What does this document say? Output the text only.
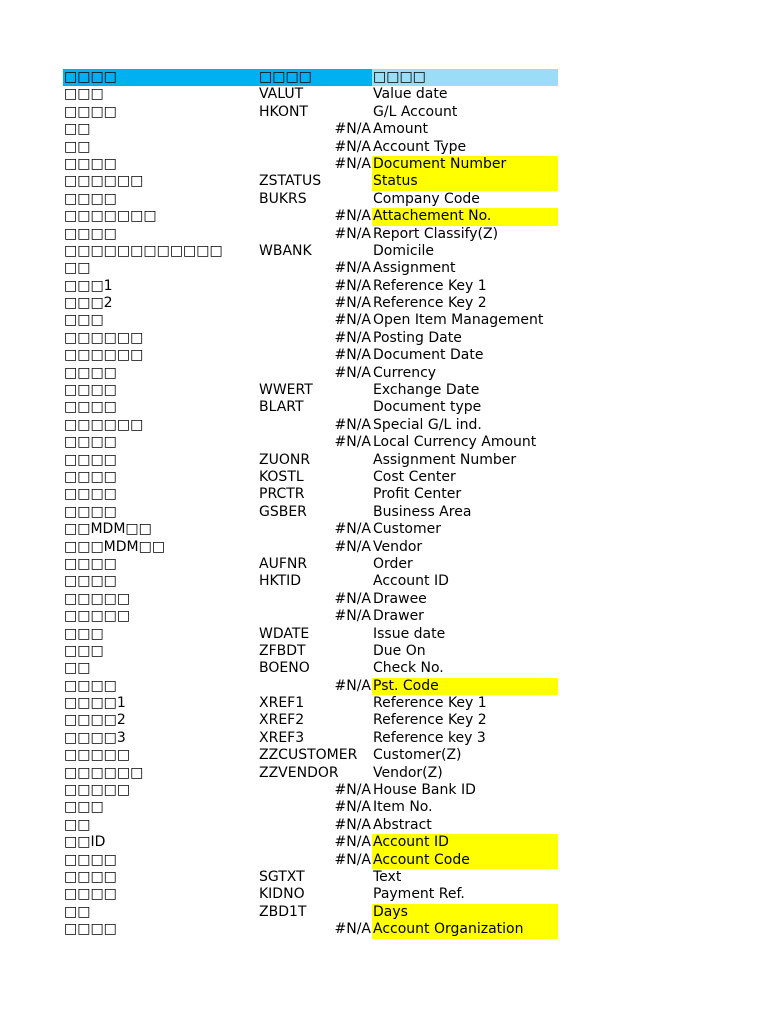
□□□□	□□□□	□□□□
□□□	VALUT	Value date
□□□□	HKONT	G/L Account
□□	#N/A Amount
□□	#N/A Account Type
□□□□	#N/A Document Number
□□□□□□	ZSTATUS	Status
□□□□	BUKRS	Company Code
□□□□□□□	#N/A Attachement No.
□□□□	#N/A Report Classify(Z)
□□□□□□□□□□□□	WBANK	Domicile
□□	#N/A Assignment
□□□1	#N/A Reference Key 1
□□□2	#N/A Reference Key 2
□□□	#N/A Open Item Management
□□□□□□	#N/A Posting Date
□□□□□□	#N/A Document Date
□□□□	#N/A Currency
□□□□	WWERT	Exchange Date
□□□□	BLART	Document type
□□□□□□	#N/A Special G/L ind.
□□□□	#N/A Local Currency Amount
□□□□	ZUONR	Assignment Number
□□□□	KOSTL	Cost Center
□□□□	PRCTR	Profit Center
□□□□	GSBER	Business Area
□□MDM□□	#N/A Customer
□□□MDM□□	#N/A Vendor
□□□□	AUFNR	Order
□□□□	HKTID	Account ID
□□□□□	#N/A Drawee
□□□□□	#N/A Drawer
□□□	WDATE	Issue date
□□□	ZFBDT	Due On
□□	BOENO	Check No.
□□□□	#N/A Pst. Code
□□□□1	XREF1	Reference Key 1
□□□□2	XREF2	Reference Key 2
□□□□3	XREF3	Reference key 3
□□□□□	ZZCUSTOMER Customer(Z)
□□□□□□	ZZVENDOR Vendor(Z)
□□□□□	#N/A House Bank ID
□□□	#N/A Item No.
□□	#N/A Abstract
□□ID	#N/A Account ID
□□□□	#N/A Account Code
□□□□	SGTXT	Text
□□□□	KIDNO	Payment Ref.
□□	ZBD1T	Days
□□□□	#N/A Account Organization
